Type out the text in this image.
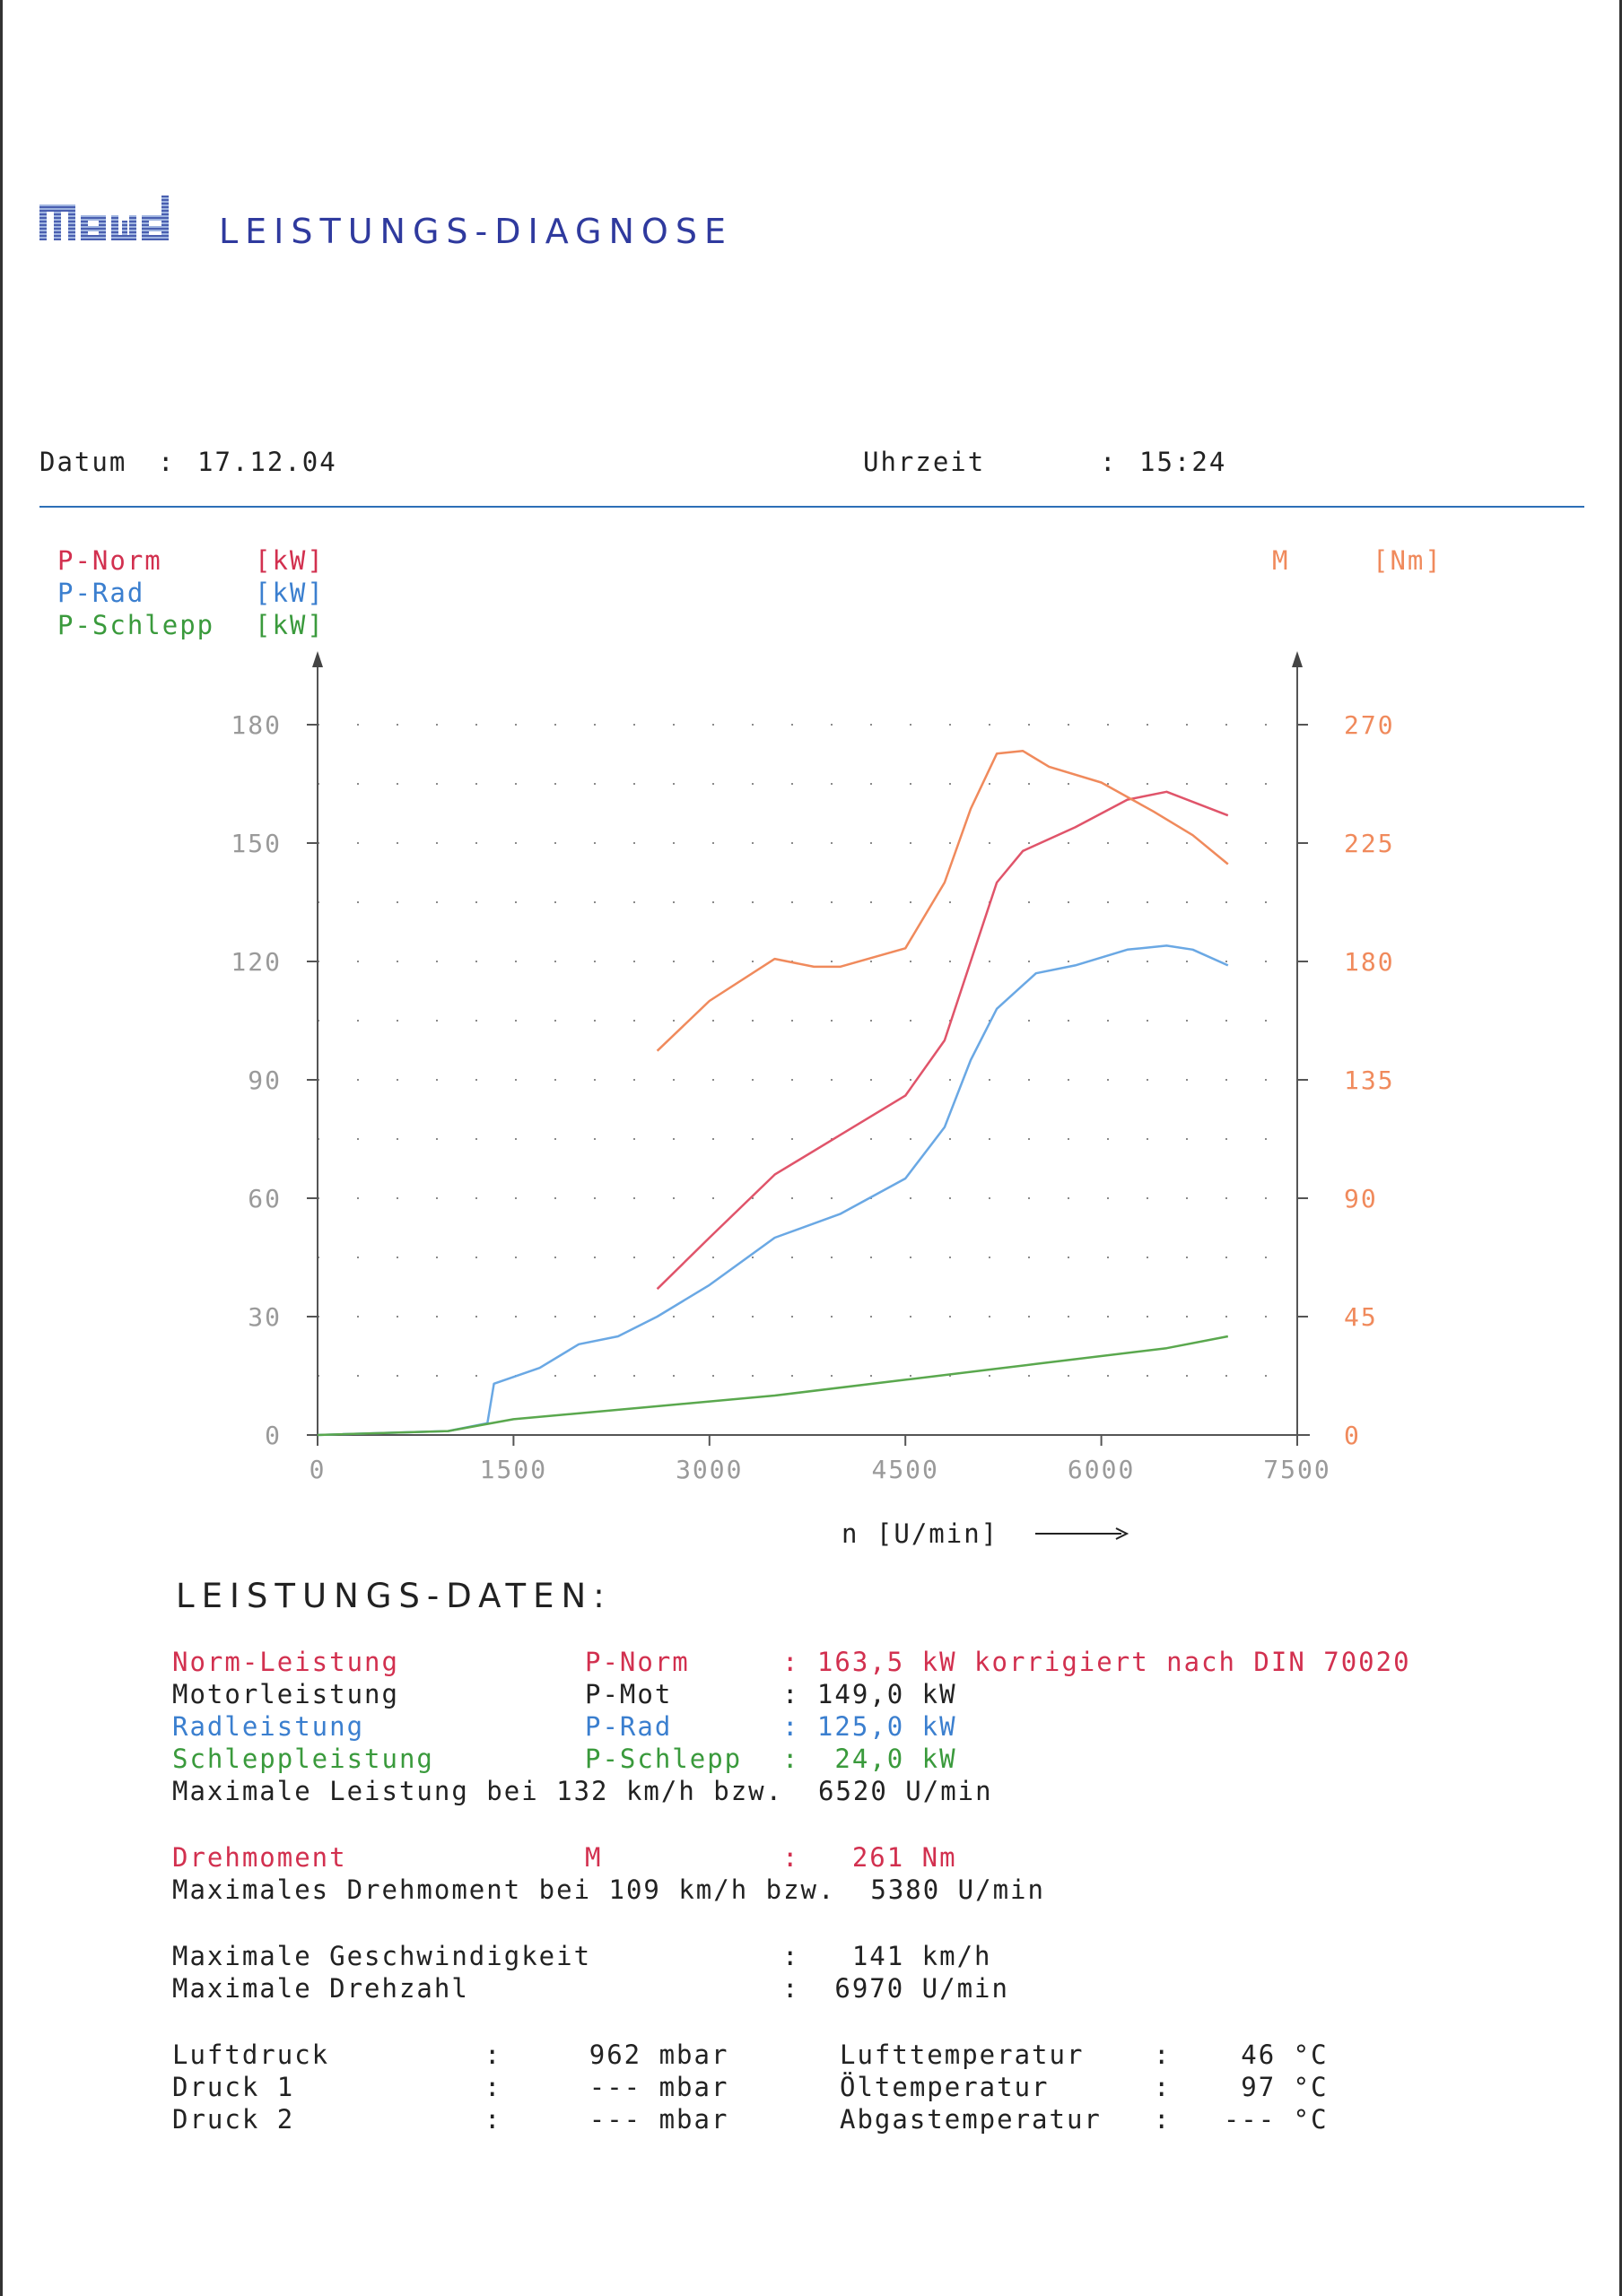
LEISTUNGS-DIAGNOSE
Datum : 17.12.04	Uhrzeit	: 15:24
P-Norm	[kW]
P-Rad	[kW]
P-Schlepp [kW]
M	[Nm]
0
30
60
90
120
150
180
0
45
90
135
180
225
270
0	1500	3000	4500	6000	7500
n [U/min]
LEISTUNGS-DATEN:
Norm-Leistung	P-Norm	: 163,5 kW korrigiert nach DIN 70020
Motorleistung	P-Mot	: 149,0 kW
Radleistung	P-Rad	: 125,0 kW
Schleppleistung	P-Schlepp :  24,0 kW
Maximale Leistung bei 132 km/h bzw.  6520 U/min
Drehmoment	M	:   261 Nm
Maximales Drehmoment bei 109 km/h bzw.  5380 U/min
Maximale Geschwindigkeit	:   141 km/h
Maximale Drehzahl	:  6970 U/min
Luftdruck	:     962 mbar	Lufttemperatur	:    46 °C
Druck 1	:     --- mbar	Öltemperatur	:    97 °C
Druck 2	:     --- mbar	Abgastemperatur :   --- °C
